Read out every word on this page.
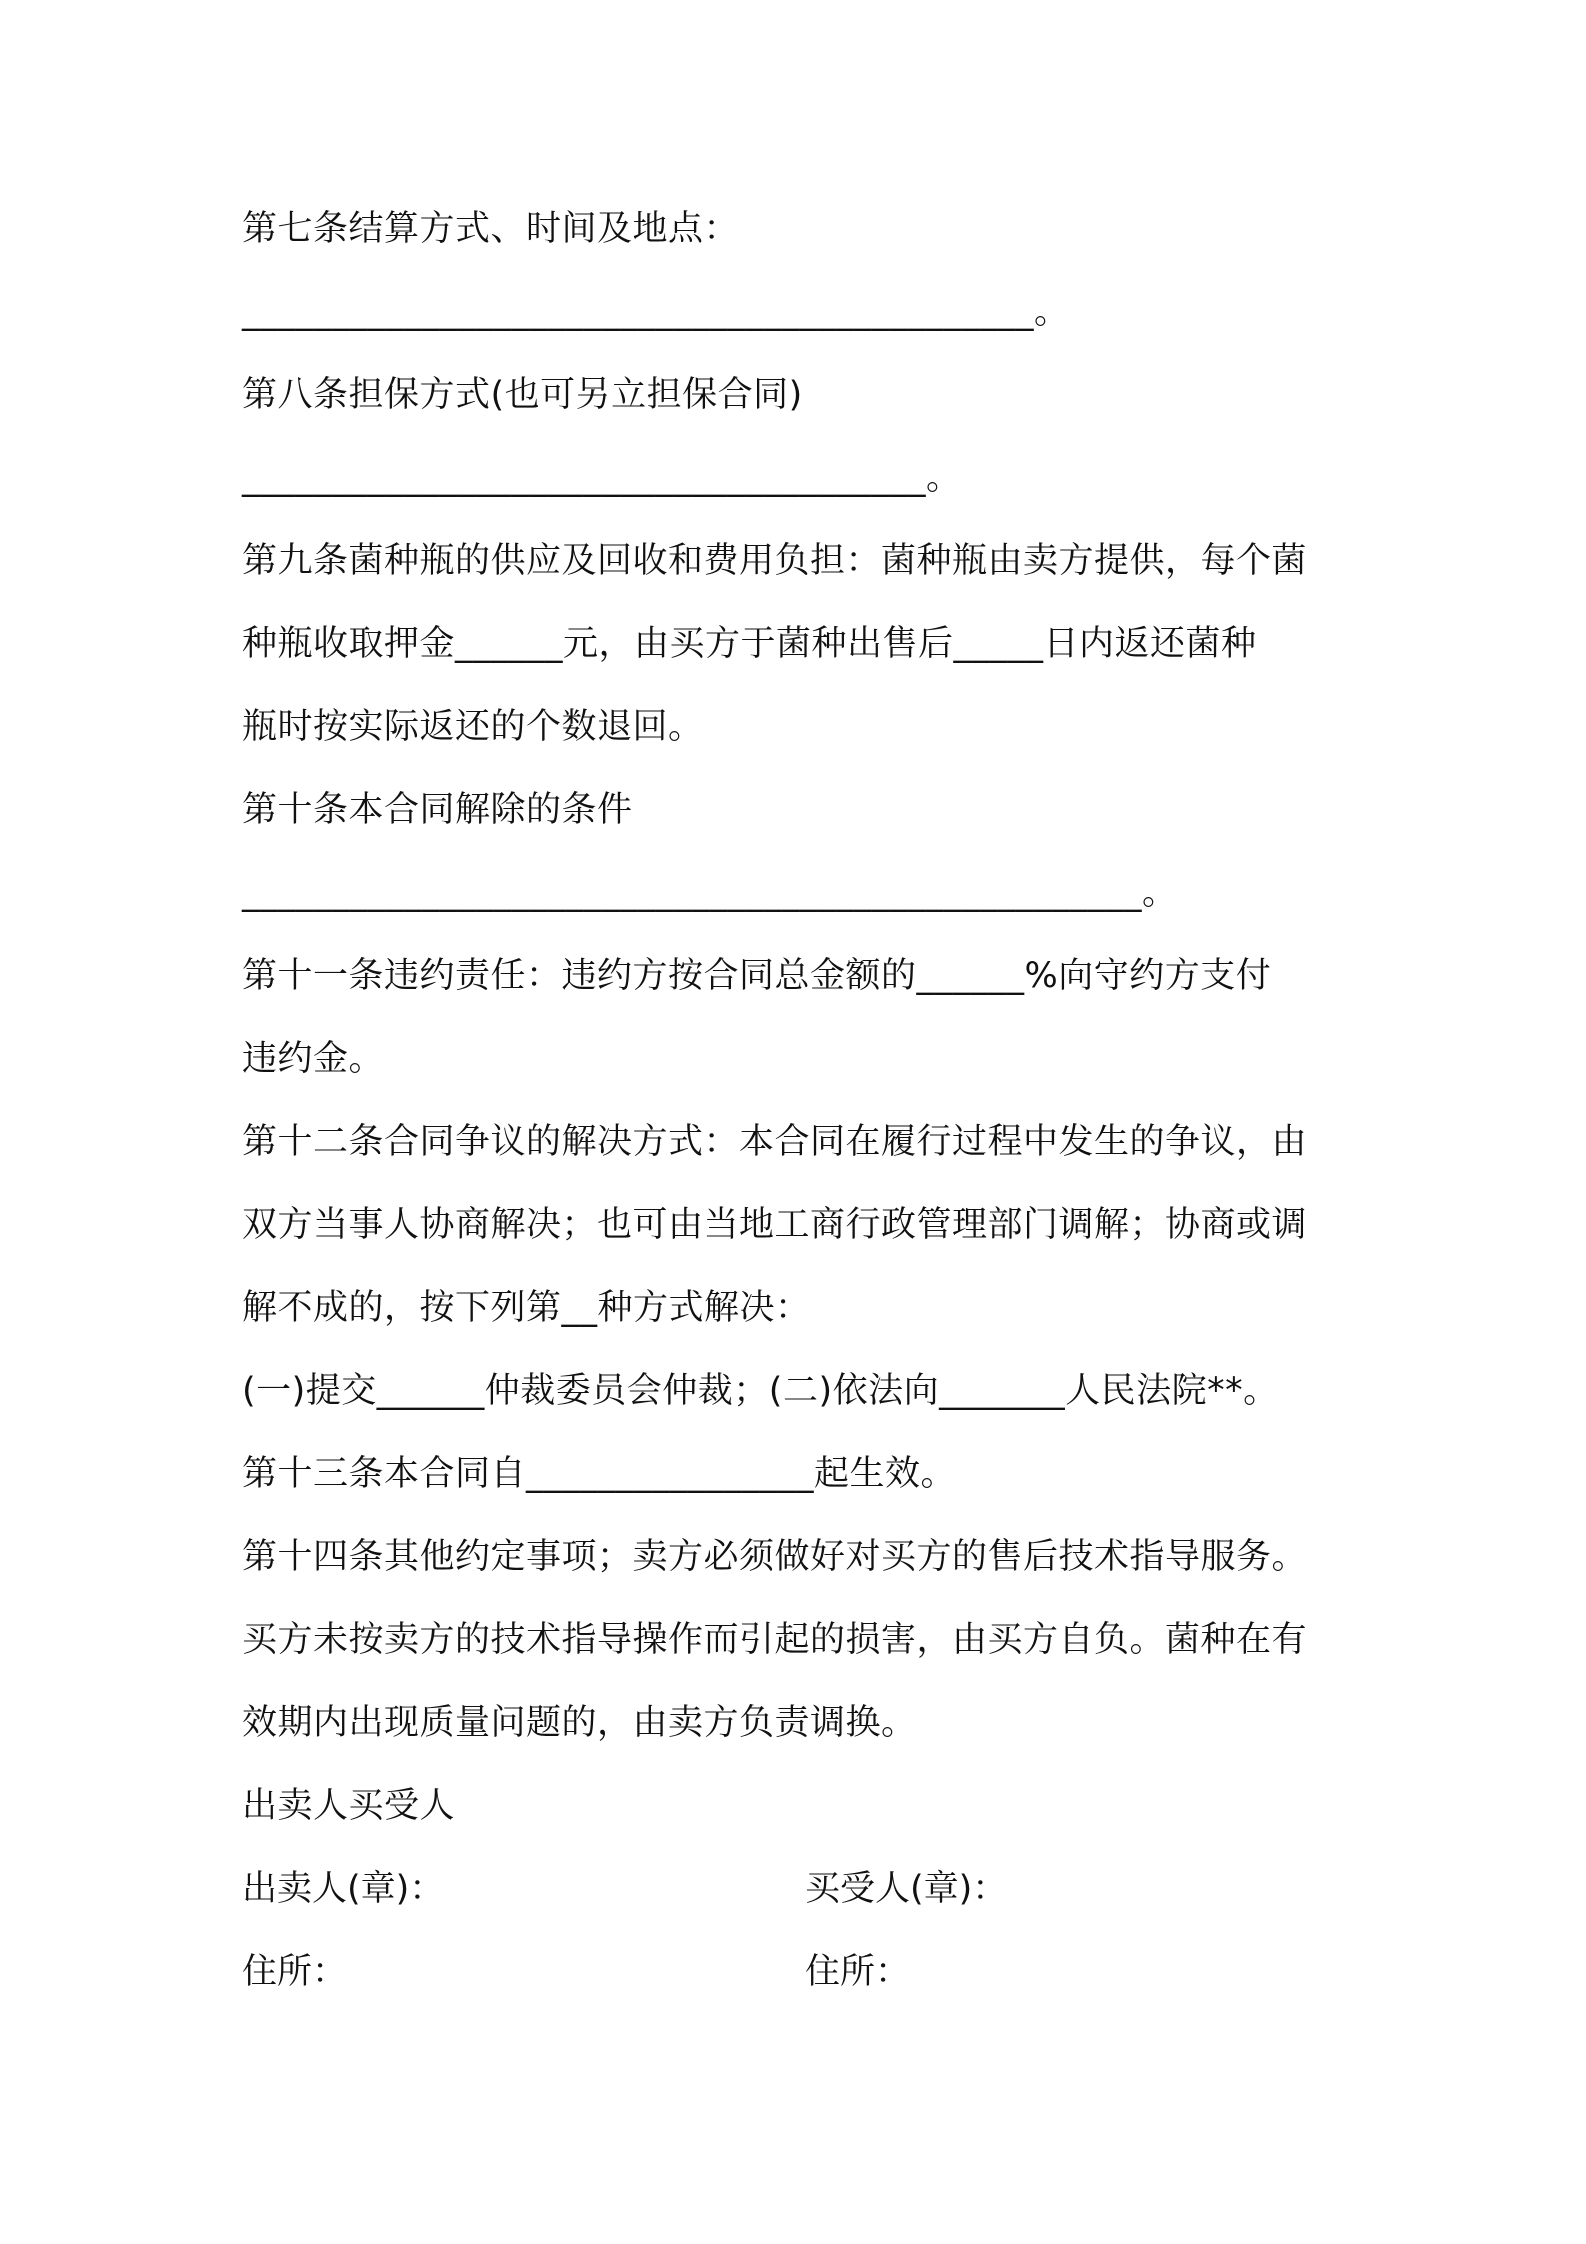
第七条结算方式、时间及地点：
____________________________________________。
第八条担保方式(也可另立担保合同)
______________________________________。
第九条菌种瓶的供应及回收和费用负担：菌种瓶由卖方提供，每个菌
种瓶收取押金______元，由买方于菌种出售后_____日内返还菌种
瓶时按实际返还的个数退回。
第十条本合同解除的条件
__________________________________________________。
第十一条违约责任：违约方按合同总金额的______%向守约方支付
违约金。
第十二条合同争议的解决方式：本合同在履行过程中发生的争议，由
双方当事人协商解决；也可由当地工商行政管理部门调解；协商或调
解不成的，按下列第__种方式解决：
(一)提交______仲裁委员会仲裁；(二)依法向_______人民法院**。
第十三条本合同自________________起生效。
第十四条其他约定事项；卖方必须做好对买方的售后技术指导服务。
买方未按卖方的技术指导操作而引起的损害，由买方自负。菌种在有
效期内出现质量问题的，由卖方负责调换。
出卖人买受人
出卖人(章)：	买受人(章)：
住所：	住所：
